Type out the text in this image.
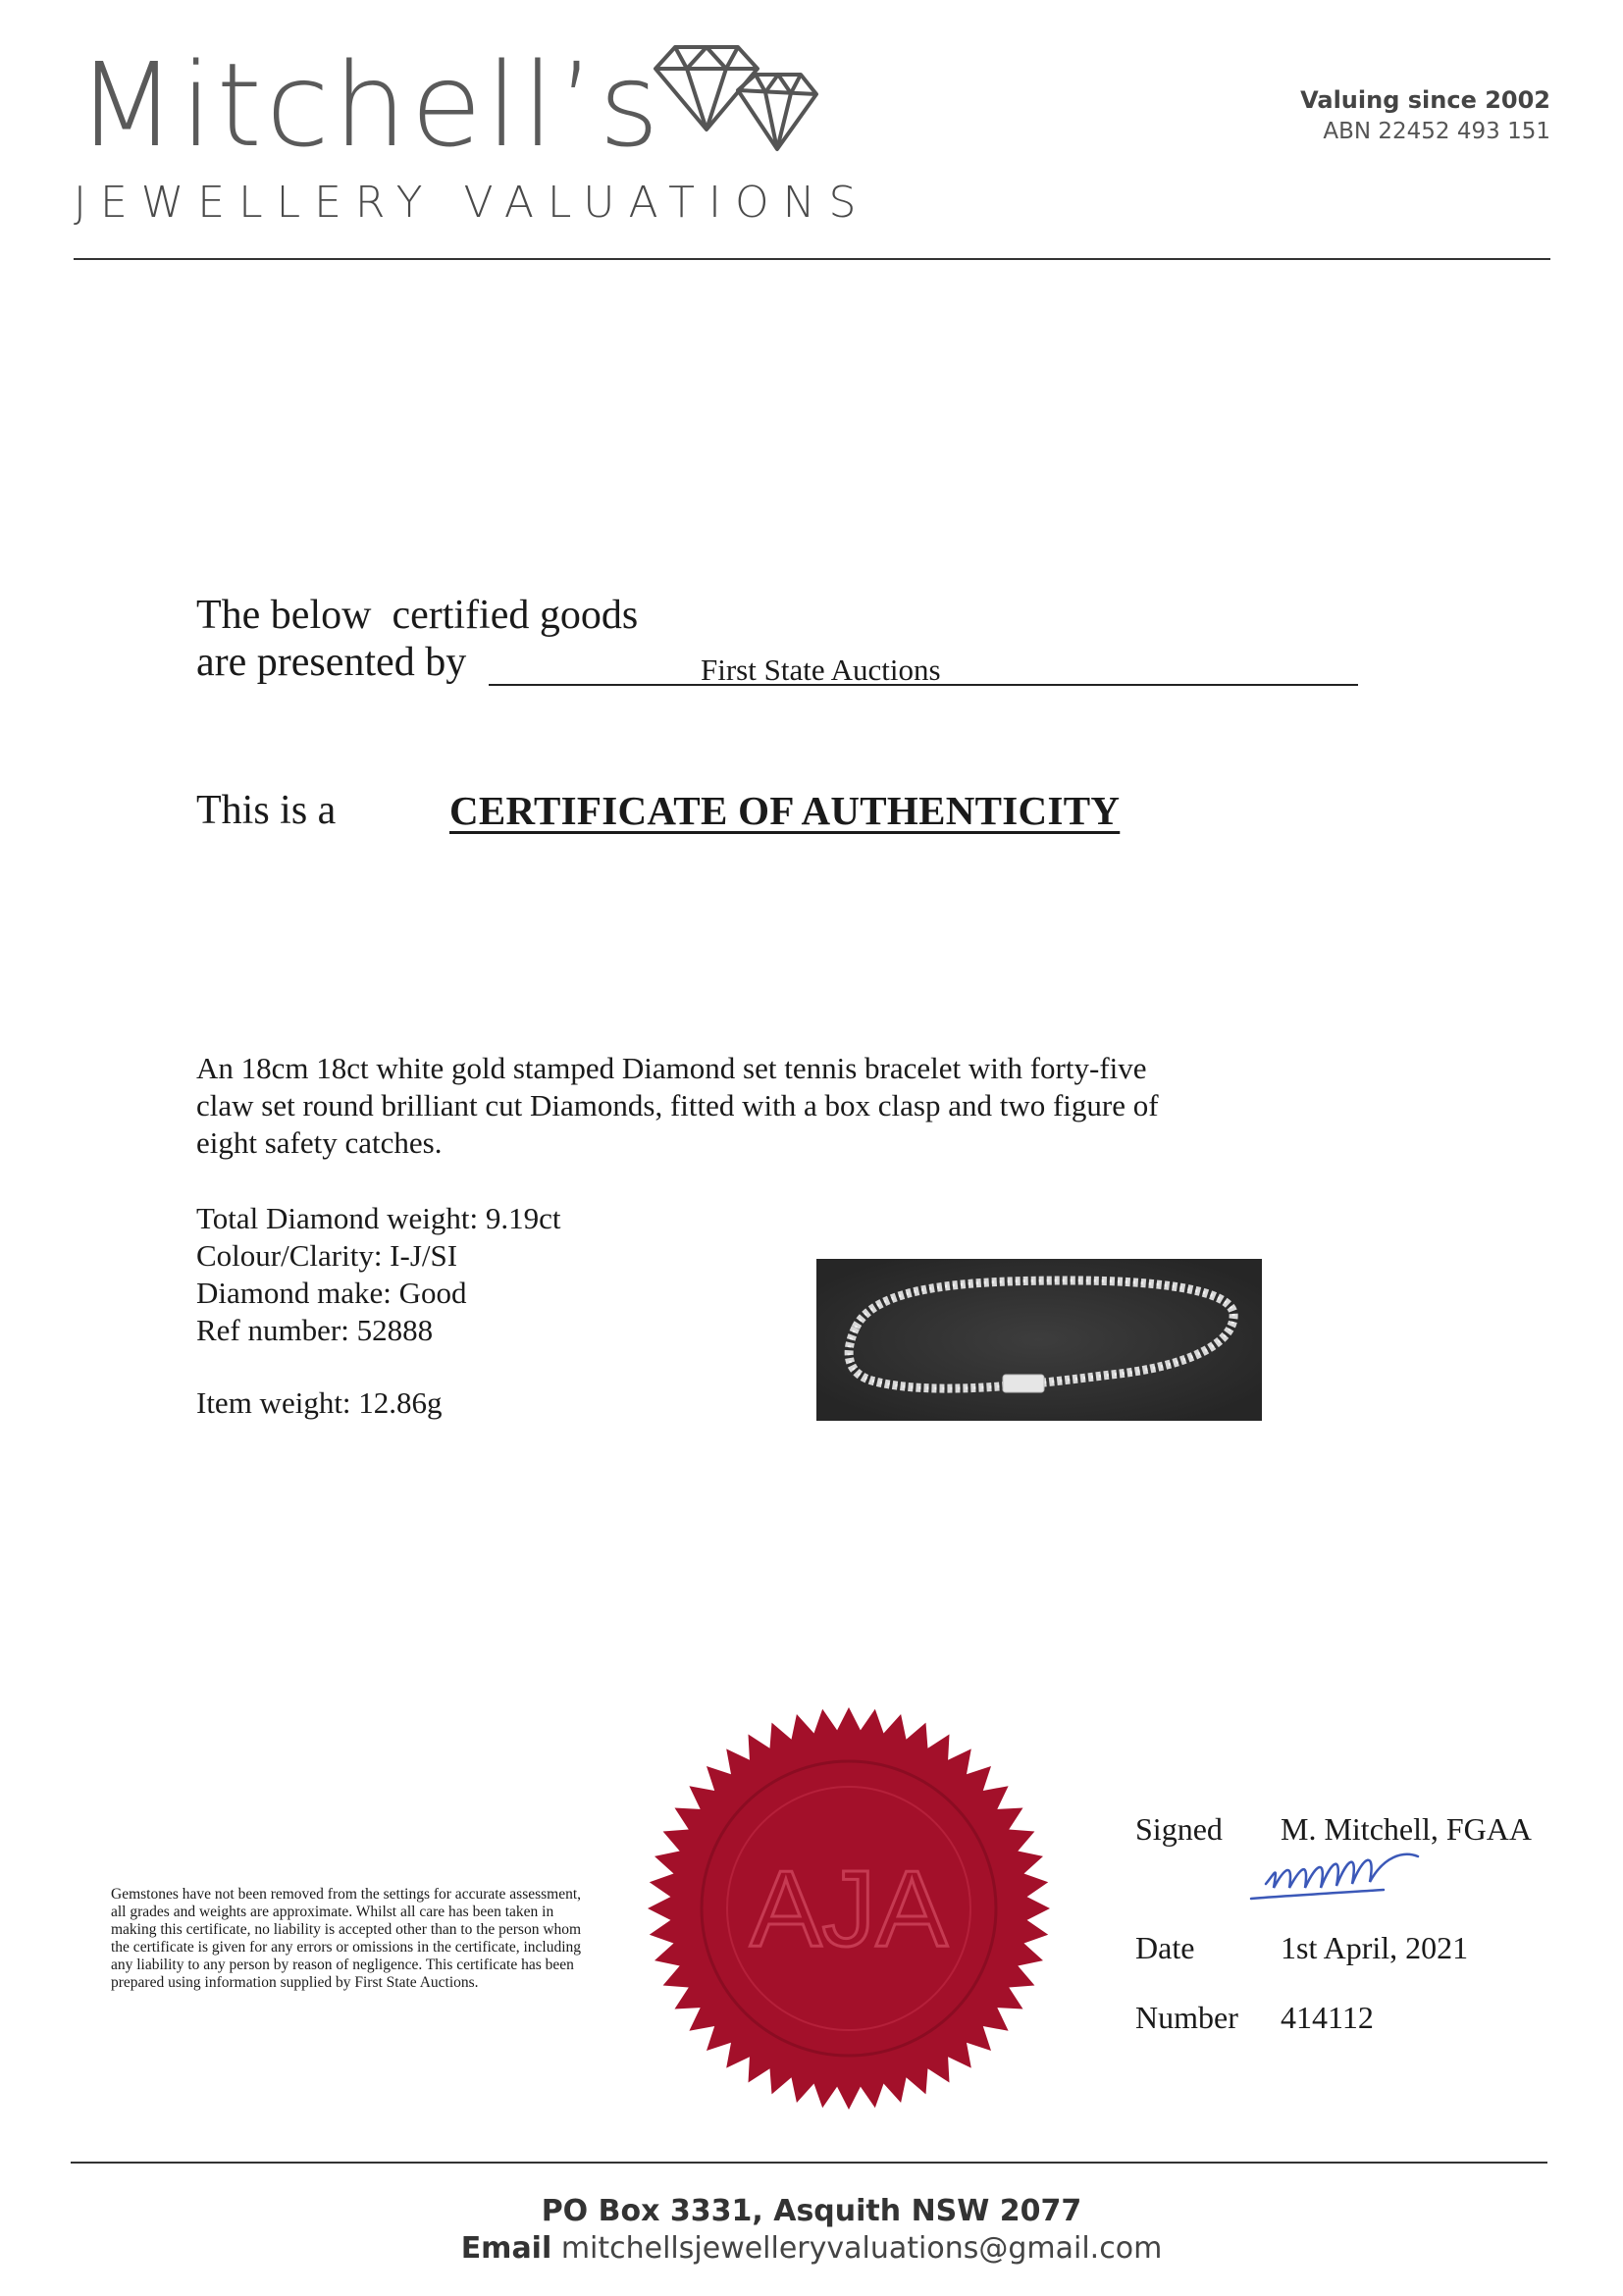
Mitchell’s
JEWELLERY VALUATIONS
Valuing since 2002
ABN 22452 493 151
The below  certified goods
are presented by	First State Auctions
This is a	CERTIFICATE OF AUTHENTICITY
An 18cm 18ct white gold stamped Diamond set tennis bracelet with forty-five
claw set round brilliant cut Diamonds, fitted with a box clasp and two figure of
eight safety catches.
Total Diamond weight: 9.19ct
Colour/Clarity: I-J/SI
Diamond make: Good
Ref number: 52888
Item weight: 12.86g
AJA
Gemstones have not been removed from the settings for accurate assessment, all grades and weights are approximate. Whilst all care has been taken in making this certificate, no liability is accepted other than to the person whom the certificate is given for any errors or omissions in the certificate, including any liability to any person by reason of negligence. This certificate has been prepared using information supplied by First State Auctions.
Signed M. Mitchell, FGAA
Date	1st April, 2021
Number 414112
PO Box 3331, Asquith NSW 2077
Email mitchellsjewelleryvaluations@gmail.com
